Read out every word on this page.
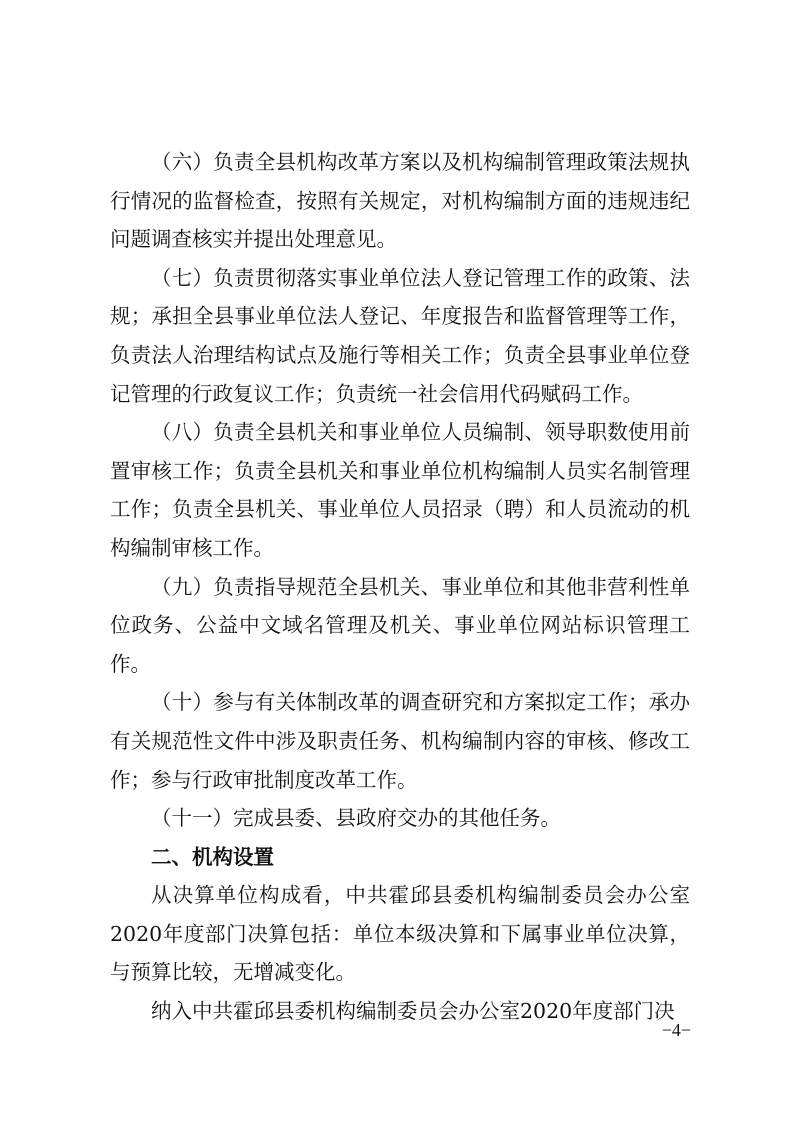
（六）负责全县机构改革方案以及机构编制管理政策法规执行情况的监督检查，按照有关规定，对机构编制方面的违规违纪问题调查核实并提出处理意见。

（七）负责贯彻落实事业单位法人登记管理工作的政策、法规；承担全县事业单位法人登记、年度报告和监督管理等工作，负责法人治理结构试点及施行等相关工作；负责全县事业单位登记管理的行政复议工作；负责统一社会信用代码赋码工作。

（八）负责全县机关和事业单位人员编制、领导职数使用前置审核工作；负责全县机关和事业单位机构编制人员实名制管理工作；负责全县机关、事业单位人员招录（聘）和人员流动的机构编制审核工作。

（九）负责指导规范全县机关、事业单位和其他非营利性单位政务、公益中文域名管理及机关、事业单位网站标识管理工作。

（十）参与有关体制改革的调查研究和方案拟定工作；承办有关规范性文件中涉及职责任务、机构编制内容的审核、修改工作；参与行政审批制度改革工作。

（十一）完成县委、县政府交办的其他任务。

二、机构设置

从决算单位构成看，中共霍邱县委机构编制委员会办公室2020年度部门决算包括：单位本级决算和下属事业单位决算，与预算比较，无增减变化。

纳入中共霍邱县委机构编制委员会办公室2020年度部门决

−4−
